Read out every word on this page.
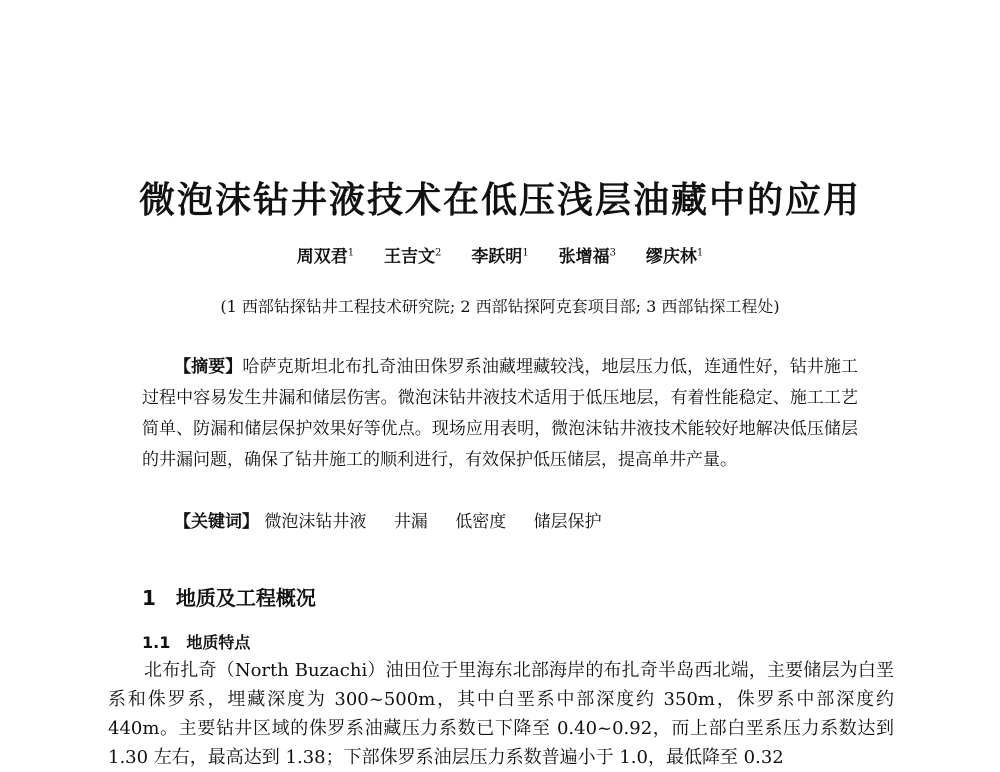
微泡沫钻井液技术在低压浅层油藏中的应用
周双君$^1$ 王吉文$^2$ 李跃明$^1$ 张增福$^3$ 缪庆林$^1$
(1 西部钻探钻井工程技术研究院; 2 西部钻探阿克套项目部; 3 西部钻探工程处)
【摘要】哈萨克斯坦北布扎奇油田侏罗系油藏埋藏较浅，地层压力低，连通性好，钻井施工过程中容易发生井漏和储层伤害。微泡沫钻井液技术适用于低压地层，有着性能稳定、施工工艺简单、防漏和储层保护效果好等优点。现场应用表明，微泡沫钻井液技术能较好地解决低压储层的井漏问题，确保了钻井施工的顺利进行，有效保护低压储层，提高单井产量。
【关键词】 微泡沫钻井液 井漏 低密度 储层保护
1　地质及工程概况
1.1　地质特点
北布扎奇（North Buzachi）油田位于里海东北部海岸的布扎奇半岛西北端，主要储层为白垩系和侏罗系，埋藏深度为 300~500m，其中白垩系中部深度约 350m，侏罗系中部深度约 440m。主要钻井区域的侏罗系油藏压力系数已下降至 0.40~0.92，而上部白垩系压力系数达到 1.30 左右，最高达到 1.38；下部侏罗系油层压力系数普遍小于 1.0，最低降至 0.32
